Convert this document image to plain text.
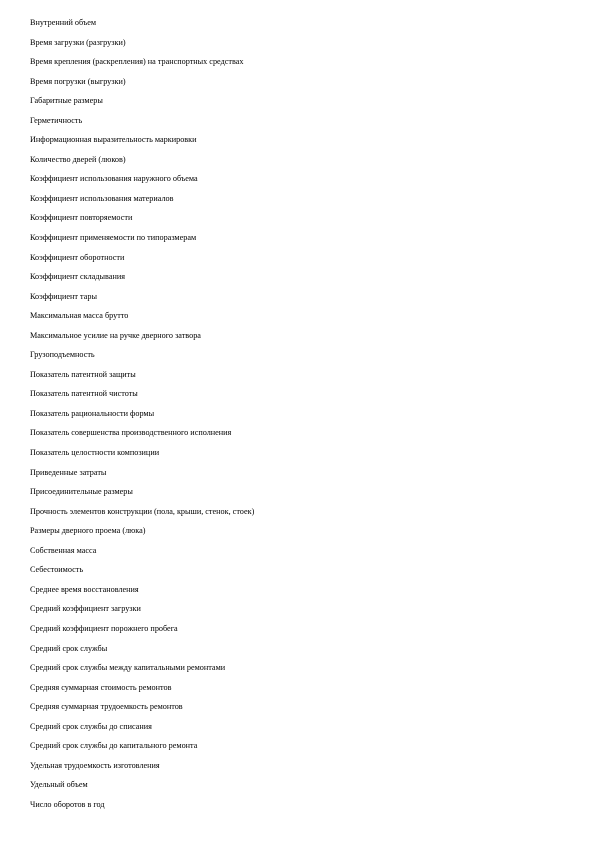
Внутренний объем
Время загрузки (разгрузки)
Время крепления (раскрепления) на транспортных средствах
Время погрузки (выгрузки)
Габаритные размеры
Герметичность
Информационная выразительность маркировки
Количество дверей (люков)
Коэффициент использования наружного объема
Коэффициент использования материалов
Коэффициент повторяемости
Коэффициент применяемости по типоразмерам
Коэффициент оборотности
Коэффициент складывания
Коэффициент тары
Максимальная масса брутто
Максимальное усилие на ручке дверного затвора
Грузоподъемность
Показатель патентной защиты
Показатель патентной чистоты
Показатель рациональности формы
Показатель совершенства производственного исполнения
Показатель целостности композиции
Приведенные затраты
Присоединительные размеры
Прочность элементов конструкции (пола, крыши, стенок, стоек)
Размеры дверного проема (люка)
Собственная масса
Себестоимость
Среднее время восстановления
Средний коэффициент загрузки
Средний коэффициент порожнего пробега
Средний срок службы
Средний срок службы между капитальными ремонтами
Средняя суммарная стоимость ремонтов
Средняя суммарная трудоемкость ремонтов
Средний срок службы до списания
Средний срок службы до капитального ремонта
Удельная трудоемкость изготовления
Удельный объем
Число оборотов в год
